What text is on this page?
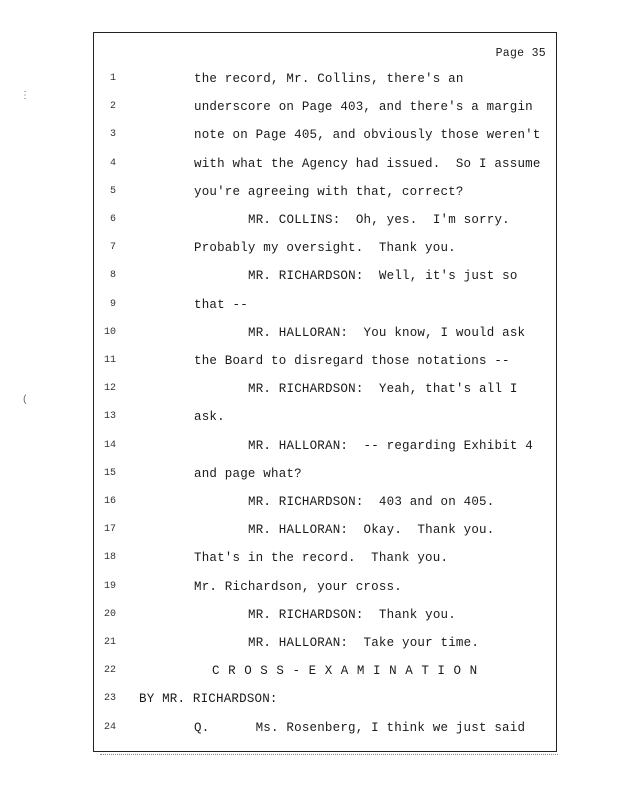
Page 35
1	the record, Mr. Collins, there's an
2	underscore on Page 403, and there's a margin
3	note on Page 405, and obviously those weren't
4	with what the Agency had issued.  So I assume
5	you're agreeing with that, correct?
6	MR. COLLINS:  Oh, yes.  I'm sorry.
7	Probably my oversight.  Thank you.
8	MR. RICHARDSON:  Well, it's just so
9	that --
10	MR. HALLORAN:  You know, I would ask
11	the Board to disregard those notations --
12	MR. RICHARDSON:  Yeah, that's all I
13	ask.
14	MR. HALLORAN:  -- regarding Exhibit 4
15	and page what?
16	MR. RICHARDSON:  403 and on 405.
17	MR. HALLORAN:  Okay.  Thank you.
18	That's in the record.  Thank you.
19	Mr. Richardson, your cross.
20	MR. RICHARDSON:  Thank you.
21	MR. HALLORAN:  Take your time.
22	CROSS-EXAMINATION
23 BY MR. RICHARDSON:
24	Q.      Ms. Rosenberg, I think we just said
⋮
(
